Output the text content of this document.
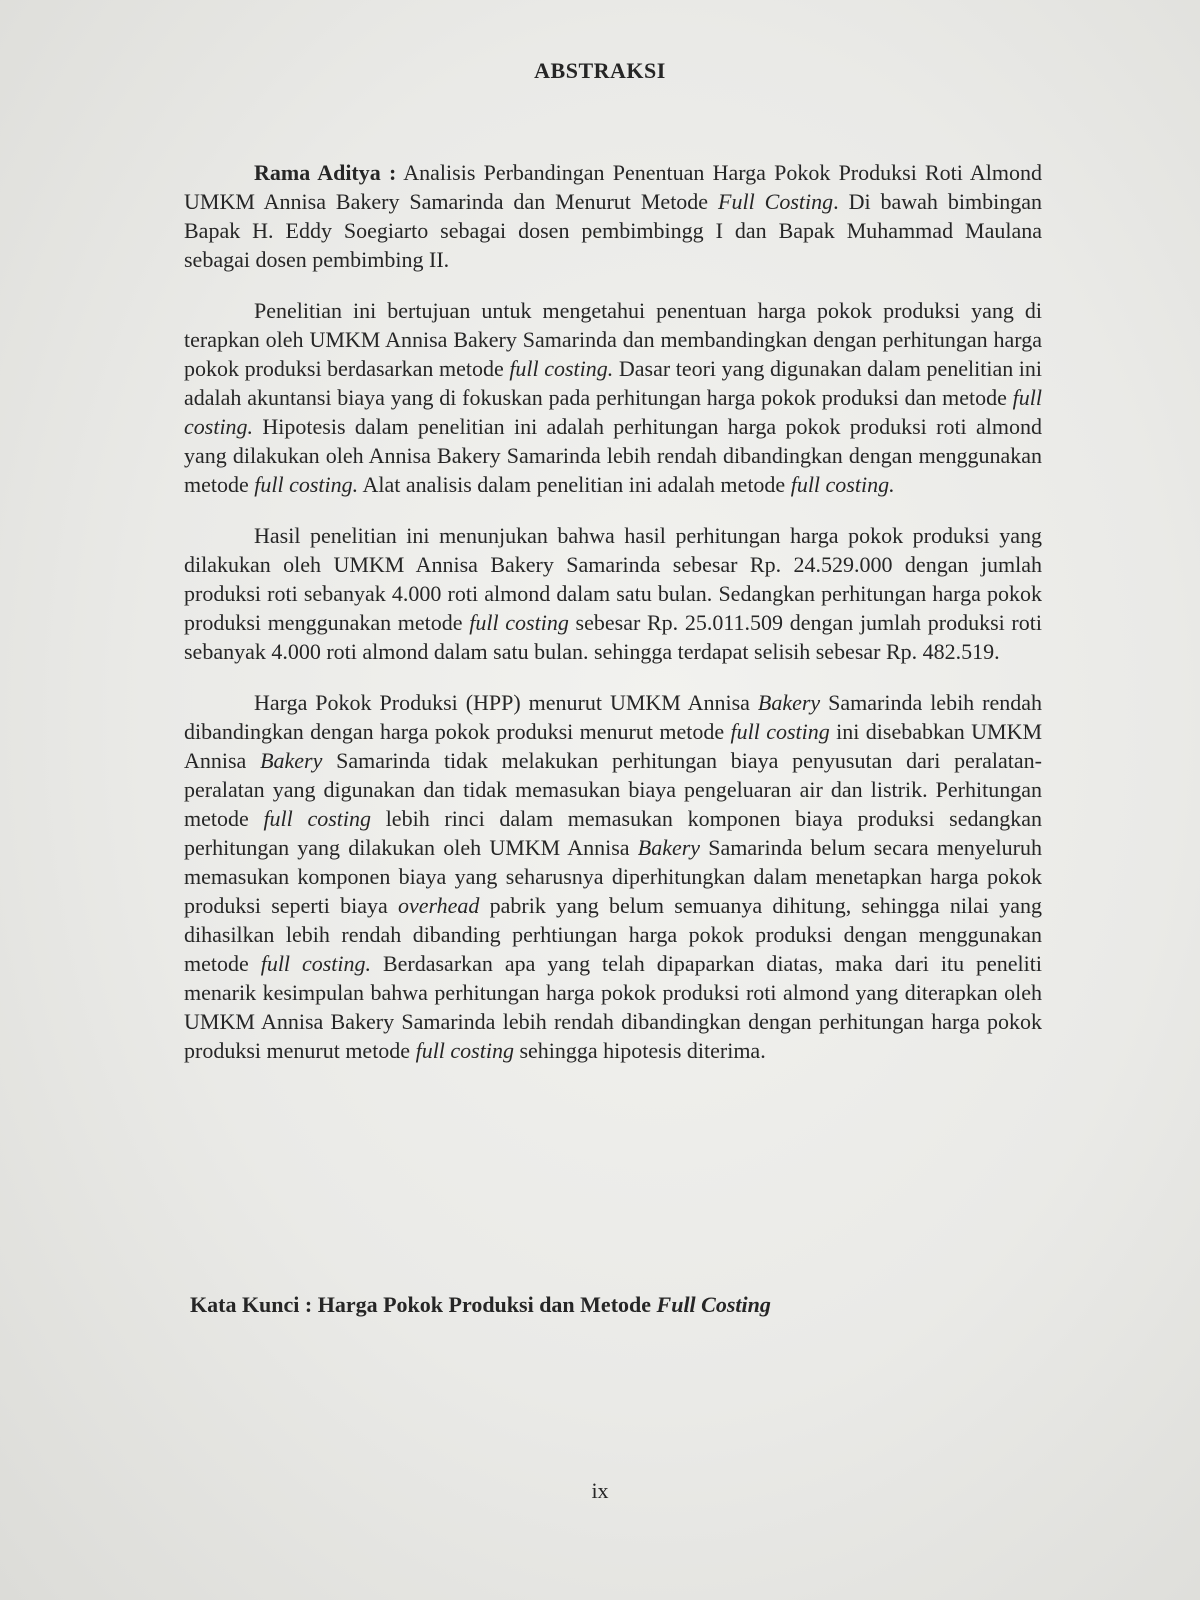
ABSTRAKSI

Rama Aditya : Analisis Perbandingan Penentuan Harga Pokok Produksi Roti Almond UMKM Annisa Bakery Samarinda dan Menurut Metode Full Costing. Di bawah bimbingan Bapak H. Eddy Soegiarto sebagai dosen pembimbingg I dan Bapak Muhammad Maulana sebagai dosen pembimbing II.

Penelitian ini bertujuan untuk mengetahui penentuan harga pokok produksi yang di terapkan oleh UMKM Annisa Bakery Samarinda dan membandingkan dengan perhitungan harga pokok produksi berdasarkan metode full costing. Dasar teori yang digunakan dalam penelitian ini adalah akuntansi biaya yang di fokuskan pada perhitungan harga pokok produksi dan metode full costing. Hipotesis dalam penelitian ini adalah perhitungan harga pokok produksi roti almond yang dilakukan oleh Annisa Bakery Samarinda lebih rendah dibandingkan dengan menggunakan metode full costing. Alat analisis dalam penelitian ini adalah metode full costing.

Hasil penelitian ini menunjukan bahwa hasil perhitungan harga pokok produksi yang dilakukan oleh UMKM Annisa Bakery Samarinda sebesar Rp. 24.529.000 dengan jumlah produksi roti sebanyak 4.000 roti almond dalam satu bulan. Sedangkan perhitungan harga pokok produksi menggunakan metode full costing sebesar Rp. 25.011.509 dengan jumlah produksi roti sebanyak 4.000 roti almond dalam satu bulan. sehingga terdapat selisih sebesar Rp. 482.519.

Harga Pokok Produksi (HPP) menurut UMKM Annisa Bakery Samarinda lebih rendah dibandingkan dengan harga pokok produksi menurut metode full costing ini disebabkan UMKM Annisa Bakery Samarinda tidak melakukan perhitungan biaya penyusutan dari peralatan-peralatan yang digunakan dan tidak memasukan biaya pengeluaran air dan listrik. Perhitungan metode full costing lebih rinci dalam memasukan komponen biaya produksi sedangkan perhitungan yang dilakukan oleh UMKM Annisa Bakery Samarinda belum secara menyeluruh memasukan komponen biaya yang seharusnya diperhitungkan dalam menetapkan harga pokok produksi seperti biaya overhead pabrik yang belum semuanya dihitung, sehingga nilai yang dihasilkan lebih rendah dibanding perhtiungan harga pokok produksi dengan menggunakan metode full costing. Berdasarkan apa yang telah dipaparkan diatas, maka dari itu peneliti menarik kesimpulan bahwa perhitungan harga pokok produksi roti almond yang diterapkan oleh UMKM Annisa Bakery Samarinda lebih rendah dibandingkan dengan perhitungan harga pokok produksi menurut metode full costing sehingga hipotesis diterima.

Kata Kunci : Harga Pokok Produksi dan Metode Full Costing
ix
